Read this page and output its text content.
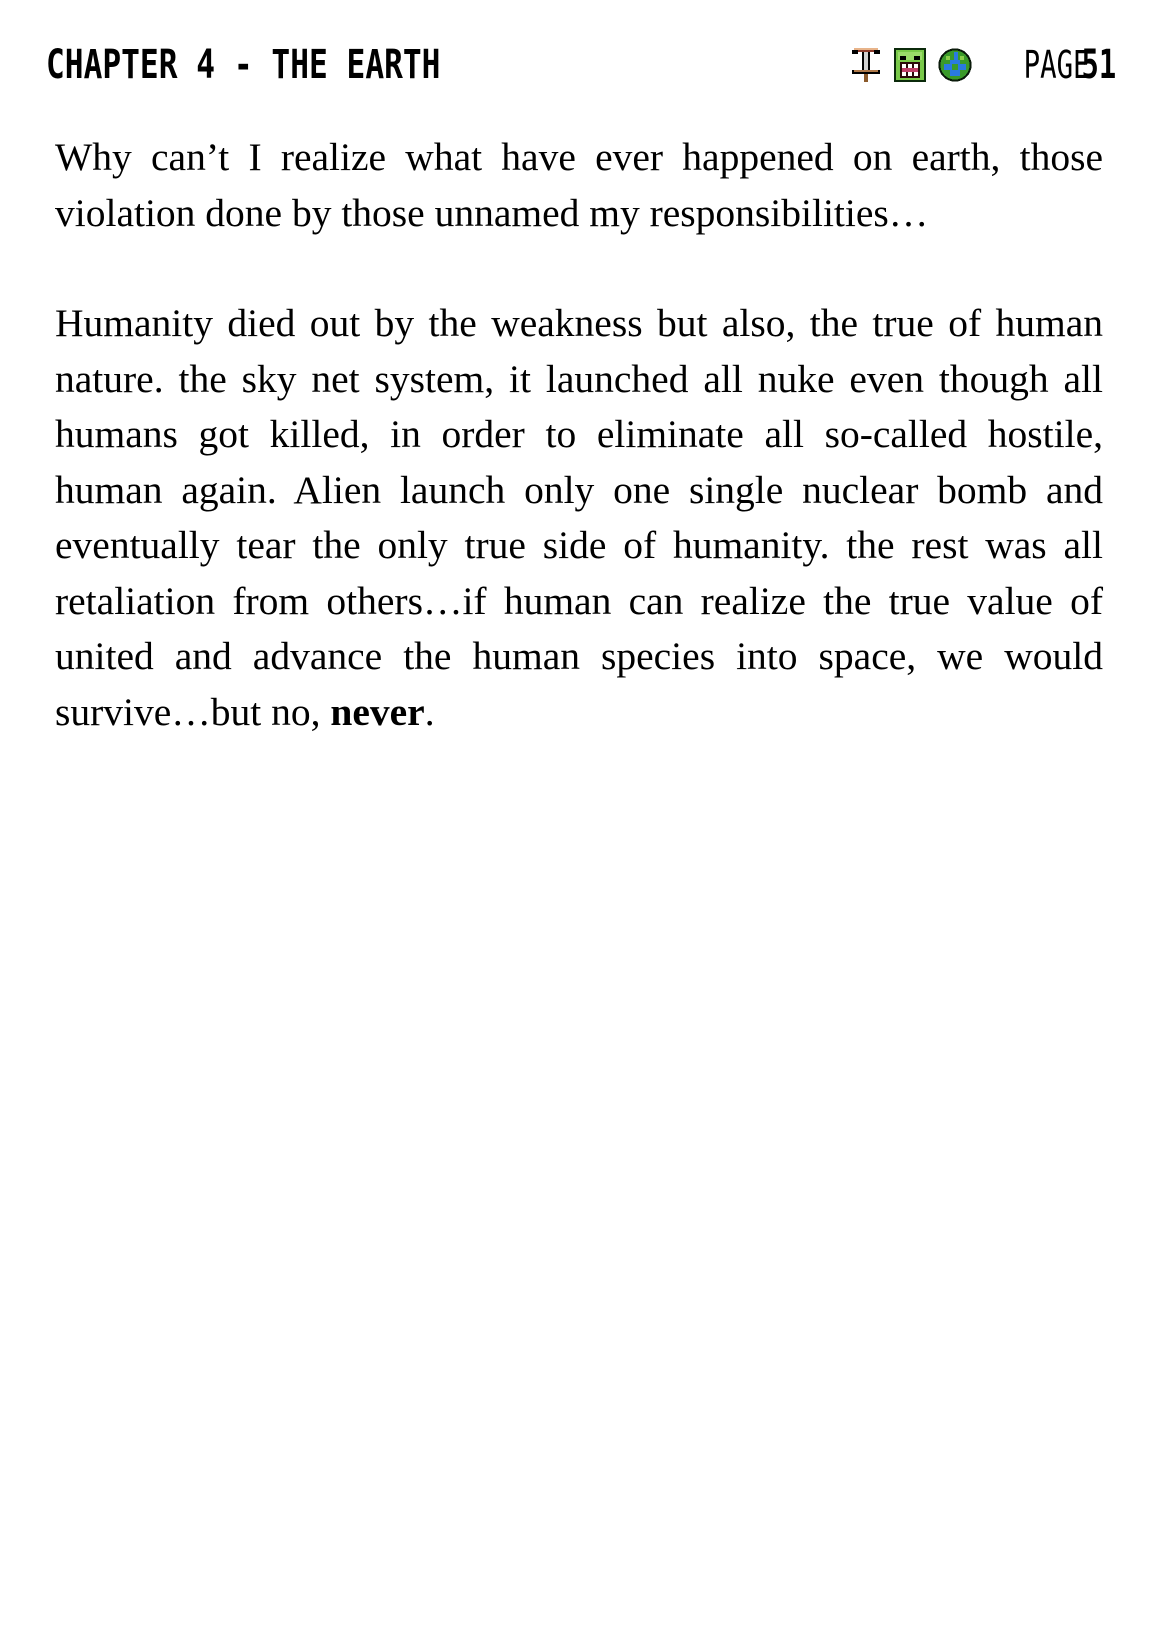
CHAPTER 4 - THE EARTH	PAGE
51

Why can’t I realize what have ever happened on earth, those violation done by those unnamed my responsibilities…

Humanity died out by the weakness but also, the true of human nature. the sky net system, it launched all nuke even though all humans got killed, in order to eliminate all so-called hostile, human again. Alien launch only one single nuclear bomb and eventually tear the only true side of humanity. the rest was all retaliation from others…if human can realize the true value of united and advance the human species into space, we would survive…but no, never.
